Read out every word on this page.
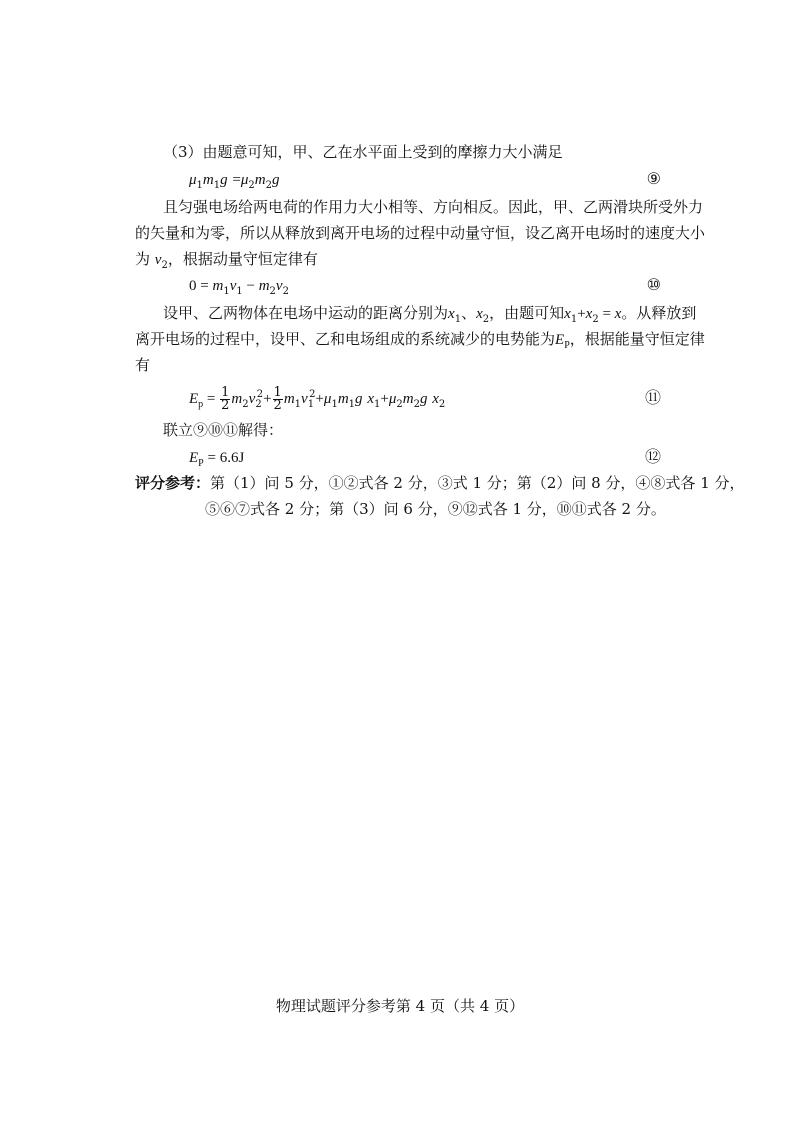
（3）由题意可知，甲、乙在水平面上受到的摩擦力大小满足
$\mu_1m_1g =\mu_2m_2g$	⑨
且匀强电场给两电荷的作用力大小相等、方向相反。因此，甲、乙两滑块所受外力
的矢量和为零，所以从释放到离开电场的过程中动量守恒，设乙离开电场时的速度大小
为 $v_2$，根据动量守恒定律有
$0 = m_1v_1 - m_2v_2$	⑩
设甲、乙两物体在电场中运动的距离分别为$x_1$、$x_2$，由题可知$x_1+x_2 = x$。从释放到
离开电场的过程中，设甲、乙和电场组成的系统减少的电势能为$E_P$，根据能量守恒定律
有
$E_p = \frac{1}{2} m_2v_2^2+ \frac{1}{2} m_1v_1^2+\mu_1m_1g$ $x_1+\mu_2m_2g$ $x_2$	⑪
联立⑨⑩⑪解得：
$E_P = 6.6J$	⑫
评分参考：第（1）问 5 分，①②式各 2 分，③式 1 分；第（2）问 8 分，④⑧式各 1 分，
⑤⑥⑦式各 2 分；第（3）问 6 分，⑨⑫式各 1 分，⑩⑪式各 2 分。
物理试题评分参考第 4 页（共 4 页）
